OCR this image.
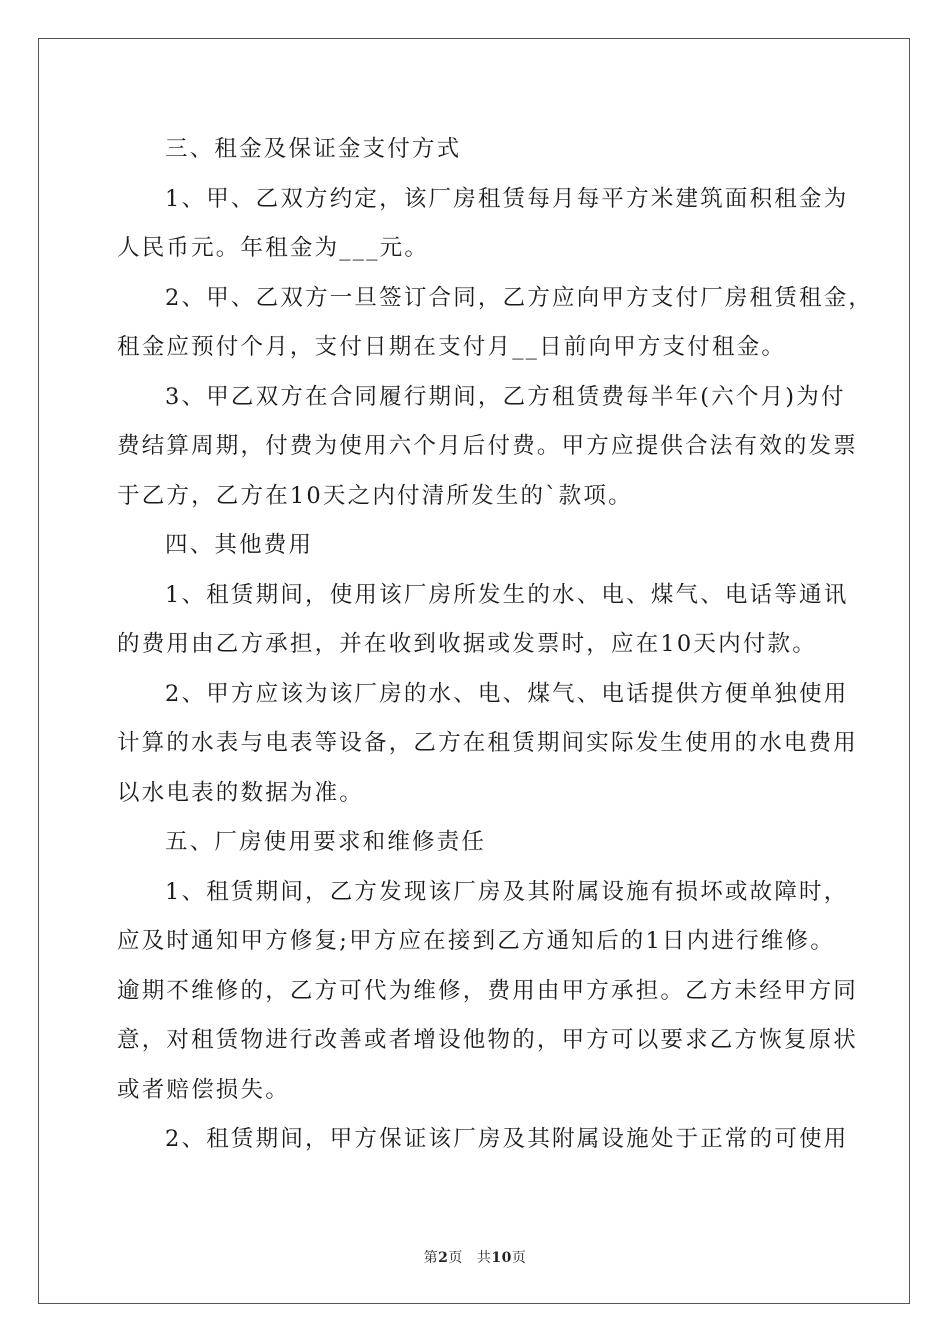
三、租金及保证金支付方式
1、甲、乙双方约定，该厂房租赁每月每平方米建筑面积租金为
人民币元。年租金为___元。
2、甲、乙双方一旦签订合同，乙方应向甲方支付厂房租赁租金，
租金应预付个月，支付日期在支付月__日前向甲方支付租金。
3、甲乙双方在合同履行期间，乙方租赁费每半年(六个月)为付
费结算周期，付费为使用六个月后付费。甲方应提供合法有效的发票
于乙方，乙方在10天之内付清所发生的`款项。
四、其他费用
1、租赁期间，使用该厂房所发生的水、电、煤气、电话等通讯
的费用由乙方承担，并在收到收据或发票时，应在10天内付款。
2、甲方应该为该厂房的水、电、煤气、电话提供方便单独使用
计算的水表与电表等设备，乙方在租赁期间实际发生使用的水电费用
以水电表的数据为准。
五、厂房使用要求和维修责任
1、租赁期间，乙方发现该厂房及其附属设施有损坏或故障时，
应及时通知甲方修复;甲方应在接到乙方通知后的1日内进行维修。
逾期不维修的，乙方可代为维修，费用由甲方承担。乙方未经甲方同
意，对租赁物进行改善或者增设他物的，甲方可以要求乙方恢复原状
或者赔偿损失。
2、租赁期间，甲方保证该厂房及其附属设施处于正常的可使用
第2页 共10页
